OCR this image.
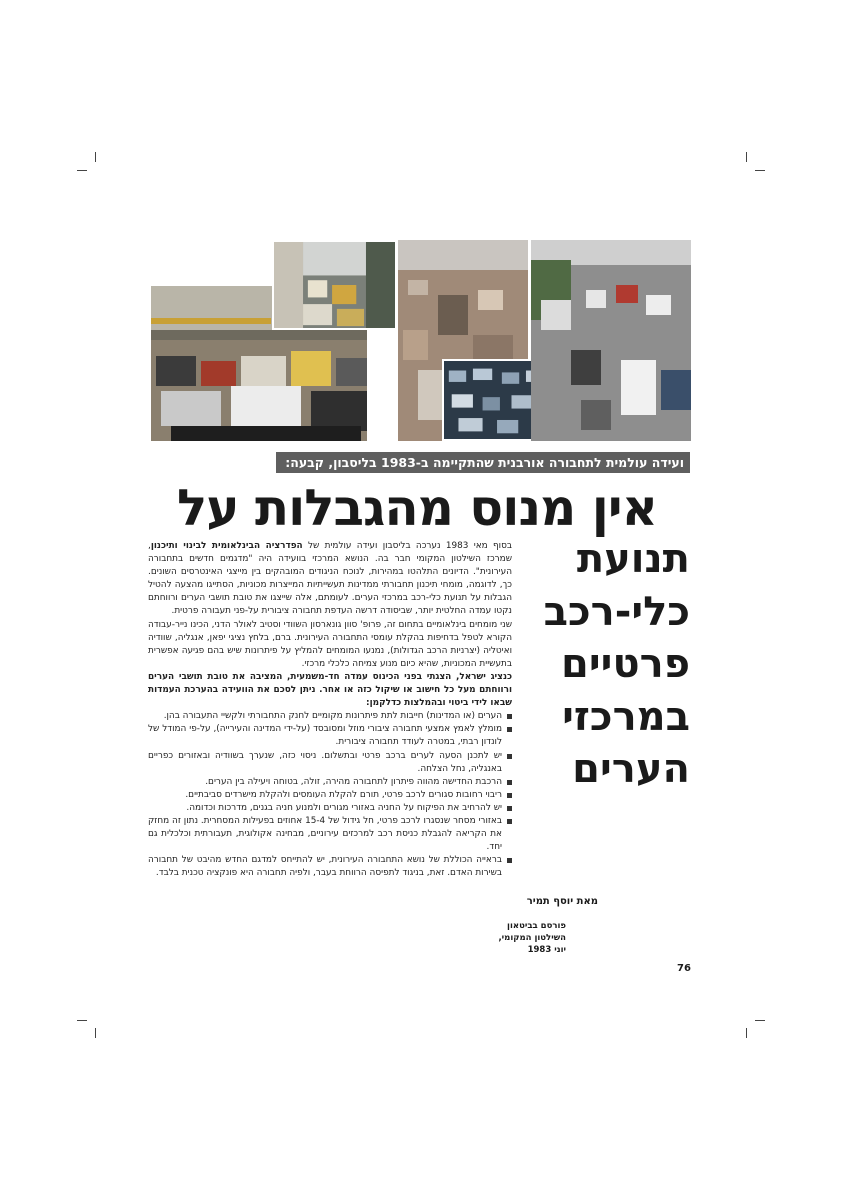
ועידה עולמית לתחבורה אורבנית שהתקיימה ב-1983 בליסבון, קבעה:
אין מנוס מהגבלות על
תנועת
כלי-רכב
פרטיים
במרכזי
הערים

בסוף מאי 1983 נערכה בליסבון ועידה עולמית של הפדרציה הבינלאומית לבינוי ותיכנון, שמרכז השילטון המקומי חבר בה. הנושא המרכזי בוועידה היה "מדגמים חדשים בתחבורה העירונית". הדיונים התלהטו במהירות, לנוכח הניגודים המובהקים בין מייצגי האינטרסים השונים. כך, לדוגמה, מומחי תיכנון תחבורתי ממדינות תעשייתיות המייצרות מכוניות, הסתייגו מהצעה להטיל הגבלות על תנועת כלי-רכב במרכזי הערים. לעומתם, אלה שייצגו את טובת תושבי הערים ורווחתם נקטו עמדה החלטית יותר, שביסודה דרשה העדפת תחבורה ציבורית על-פני תעבורה פרטית.

שני מומחים בינלאומיים בתחום זה, פרופ' סוון גונארסון השוודי וסטיב לאולר הדני, הכינו נייר-עבודה הקורא לטפל בדחיפות בהקלת עומסי התחבורה העירונית. ברם, בלחץ נציגי יפאן, אנגליה, שוודיה ואיטליה (יצרניות הרכב הגדולות), נמנעו המומחים להמליץ על פיתרונות שיש בהם פגיעה אפשרית בתעשיית המכוניות, שהיא כיום מנוע צמיחה כלכלי מרכזי.

כנציג ישראל, הצגתי בפני הכינוס עמדה חד-משמעית, המציבה את טובת תושבי הערים ורווחתם מעל כל חישוב או שיקול כזה או אחר. ניתן לסכם את הוועידה בהערכת העמדות שבאו לידי ביטוי ובהמלצות כדלקמן:

הערים (או המדינות) חייבות לתת פיתרונות מקומיים לחנק התחבורתי ולקשיי התעבורה בהן.
מומלץ לאמץ אמצעי תחבורה ציבורי מוזל ומסובסד (על-ידי המדינה והעירייה), על-פי המודל של לונדון רבתי, במטרה לעודד תחבורה ציבורית.
יש לתכנן הסעה לערים ברכב פרטי ובתשלום. ניסוי כזה, שנערך בשוודיה ובאזורים כפריים באנגליה, נחל הצלחה.
הרכבת החדישה מהווה פיתרון לתחבורה מהירה, זולה, בטוחה ויעילה בין הערים.
ריבוי רחובות סגורים לרכב פרטי, תורם להקלת העומסים ולהקלת מישרדים סביבתיים.
יש להרחיב את הפיקוח על החניה באזורי מגורים ולמנוע חניה בגנים, מדרכות וכדומה.
באזורי מסחר שנסגרו לרכב פרטי, חל גידול של 15-4 אחוזים בפעילות המסחרית. נתון זה מחזק את הקריאה להגבלת כניסת רכב למרכזים עירוניים, מבחינה אקולוגית, תעבורתית וכלכלית גם יחד.
בראייה הכוללת של נושא התחבורה העירונית, יש להתייחס למדגם החדש מהיבט של תחבורה בשירות האדם. זאת, בניגוד לתפיסה הרווחת בעבר, ולפיה תחבורה היא פונקציה טכנית בלבד.
מאת יוסף תמיר
פורסם בביטאון
השילטון המקומי,
יוני 1983
76
